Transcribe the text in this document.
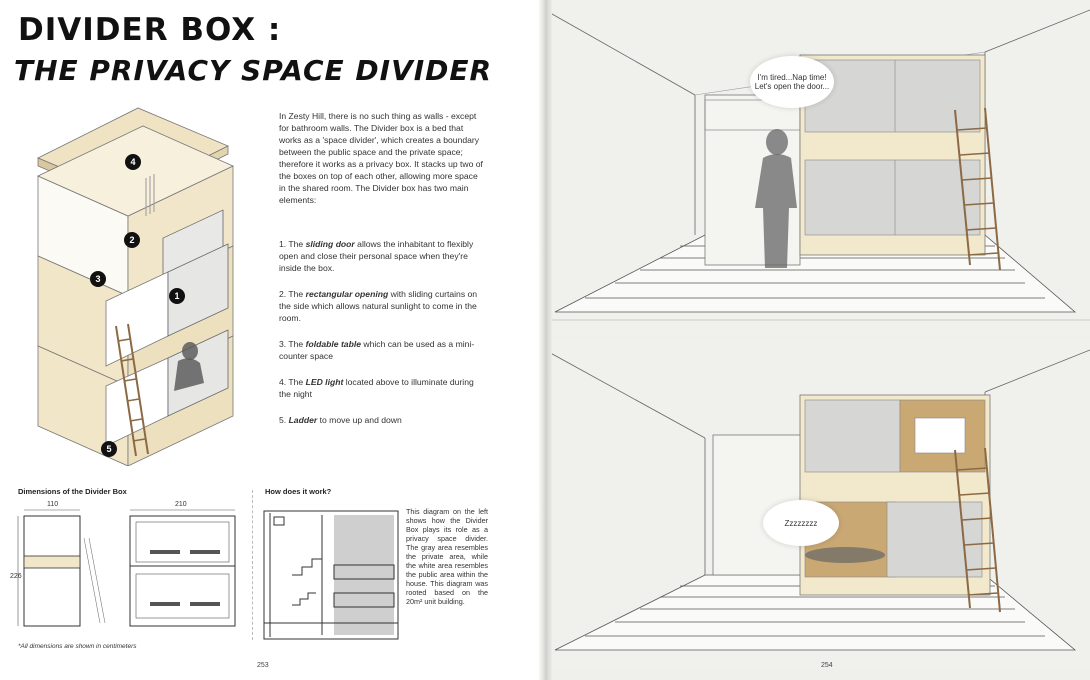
DIVIDER BOX :
THE PRIVACY SPACE DIVIDER
4
2
3
1
5
In Zesty Hill, there is no such thing as walls - except for bathroom walls. The Divider box is a bed that works as a 'space divider', which creates a boundary between the public space and the private space; therefore it works as a privacy box. It stacks up two of the boxes on top of each other, allowing more space in the shared room. The Divider box has two main elements:

1. The sliding door allows the inhabitant to flexibly open and close their personal space when they're inside the box.

2. The rectangular opening with sliding curtains on the side which allows natural sunlight to come in the room.

3. The foldable table which can be used as a mini-counter space

4. The LED light located above to illuminate during the night

5. Ladder to move up and down

Dimensions of the Divider Box	How does it work?
110	210
226
This diagram on the left shows how the Divider Box plays its role as a privacy space divider. The gray area resembles the private area, while the white area resembles the public area within the house. This diagram was rooted based on the 20m² unit building.
*All dimensions are shown in centimeters
253
I'm tired...Nap time! Let's open the door...
Zzzzzzzz
254
